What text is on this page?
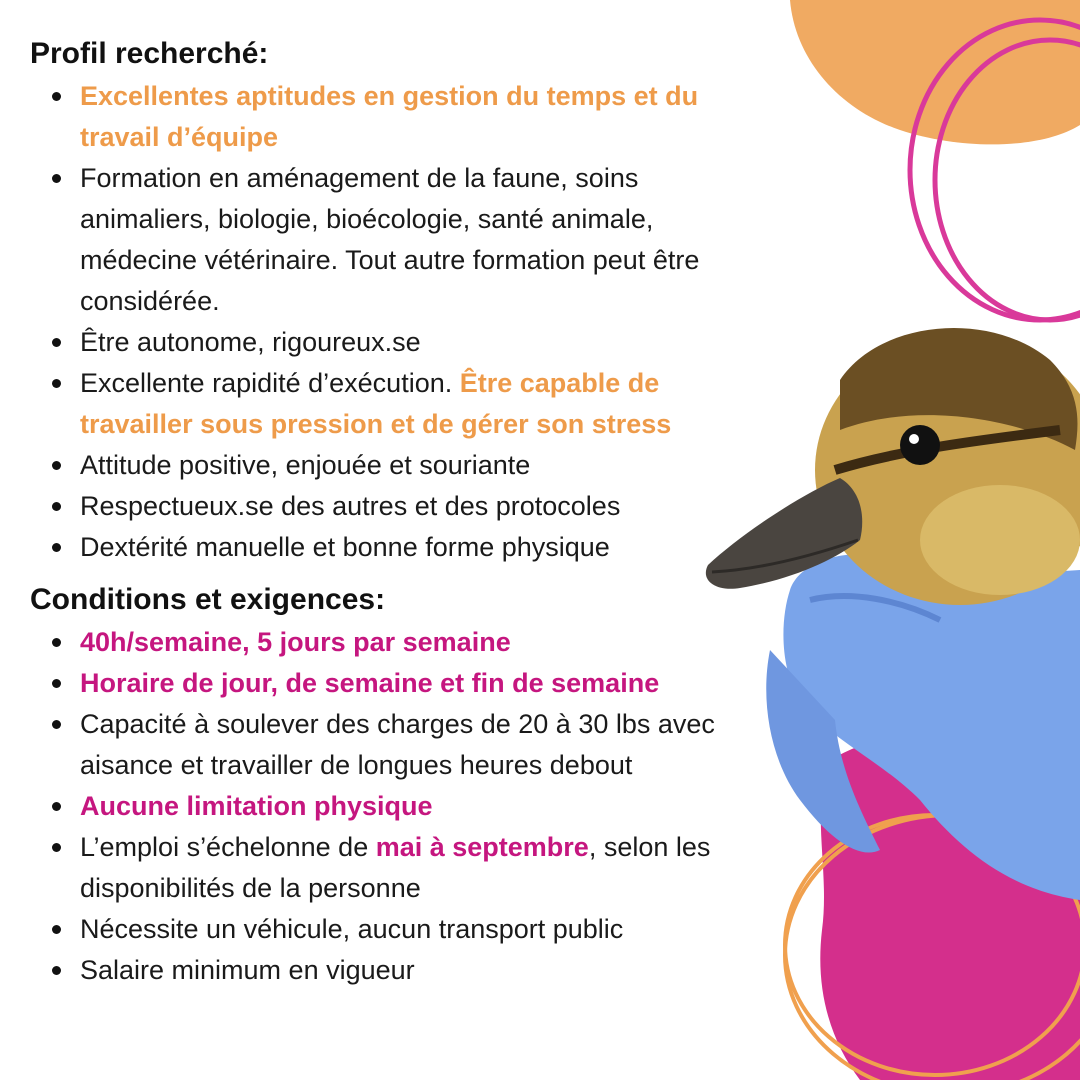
Profil recherché:
Excellentes aptitudes en gestion du temps et du travail d’équipe
Formation en aménagement de la faune, soins animaliers, biologie, bioécologie, santé animale, médecine vétérinaire. Tout autre formation peut être considérée.
Être autonome, rigoureux.se
Excellente rapidité d’exécution. Être capable de travailler sous pression et de gérer son stress
Attitude positive, enjouée et souriante
Respectueux.se des autres et des protocoles
Dextérité manuelle et bonne forme physique
Conditions et exigences:
40h/semaine, 5 jours par semaine
Horaire de jour, de semaine et fin de semaine
Capacité à soulever des charges de 20 à 30 lbs avec aisance et travailler de longues heures debout
Aucune limitation physique
L’emploi s’échelonne de mai à septembre, selon les disponibilités de la personne
Nécessite un véhicule, aucun transport public
Salaire minimum en vigueur
